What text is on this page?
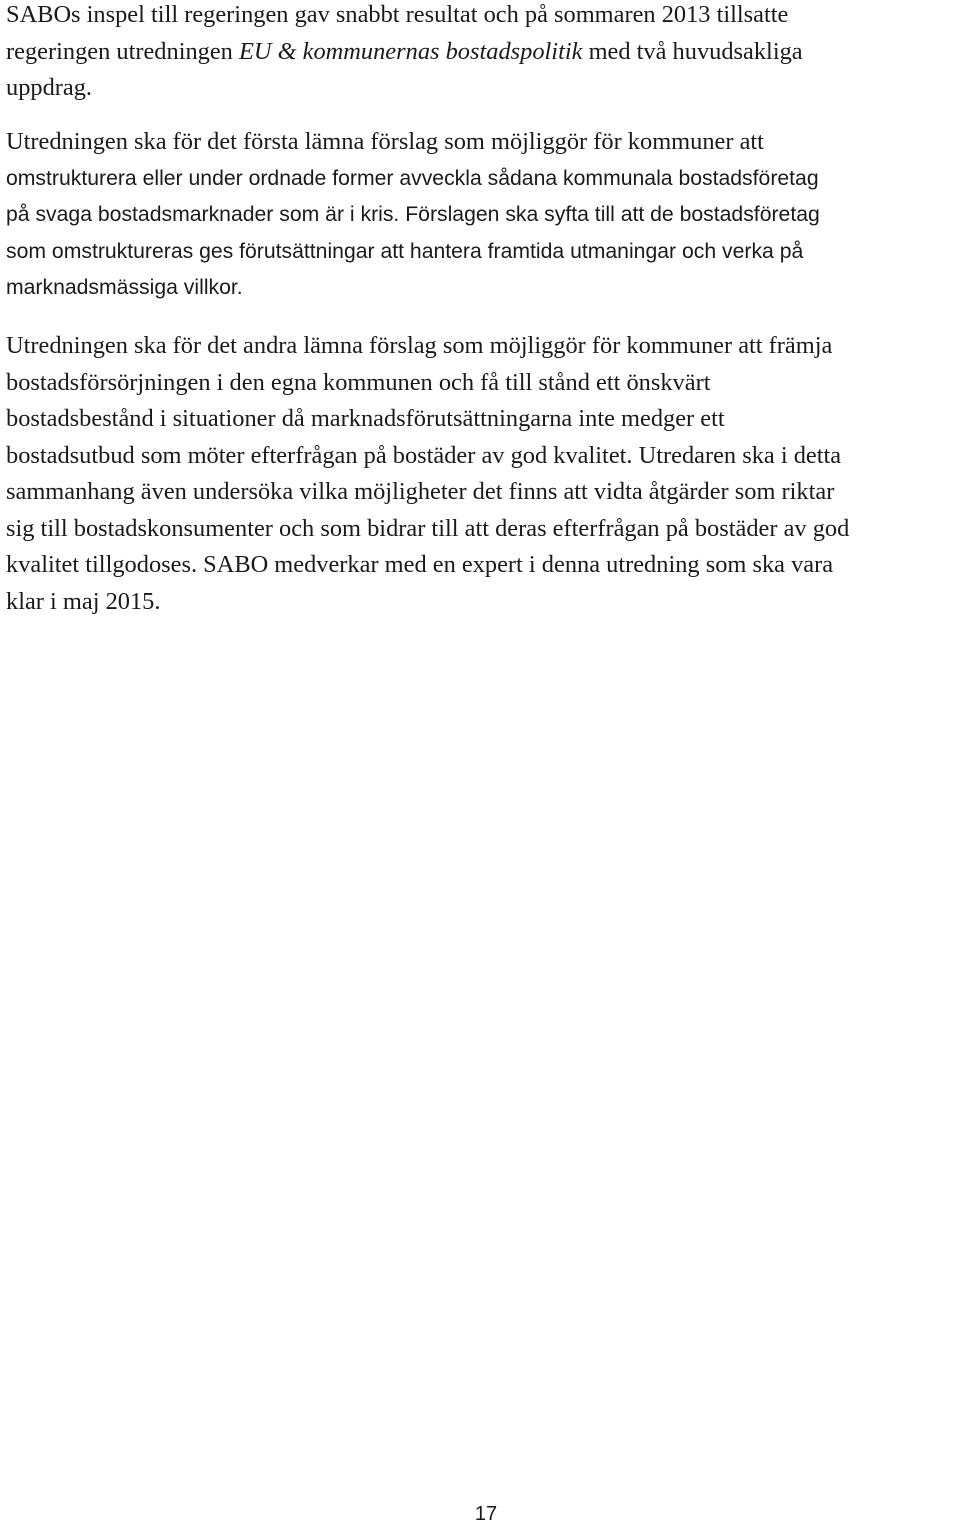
SABOs inspel till regeringen gav snabbt resultat och på sommaren 2013 tillsatte
regeringen utredningen EU & kommunernas bostadspolitik med två huvudsakliga
uppdrag.
Utredningen ska för det första lämna förslag som möjliggör för kommuner att
omstrukturera eller under ordnade former avveckla sådana kommunala bostadsföretag
på svaga bostadsmarknader som är i kris. Förslagen ska syfta till att de bostadsföretag
som omstruktureras ges förutsättningar att hantera framtida utmaningar och verka på
marknadsmässiga villkor.
Utredningen ska för det andra lämna förslag som möjliggör för kommuner att främja
bostadsförsörjningen i den egna kommunen och få till stånd ett önskvärt
bostadsbestånd i situationer då marknadsförutsättningarna inte medger ett
bostadsutbud som möter efterfrågan på bostäder av god kvalitet. Utredaren ska i detta
sammanhang även undersöka vilka möjligheter det finns att vidta åtgärder som riktar
sig till bostadskonsumenter och som bidrar till att deras efterfrågan på bostäder av god
kvalitet tillgodoses. SABO medverkar med en expert i denna utredning som ska vara
klar i maj 2015.
17
